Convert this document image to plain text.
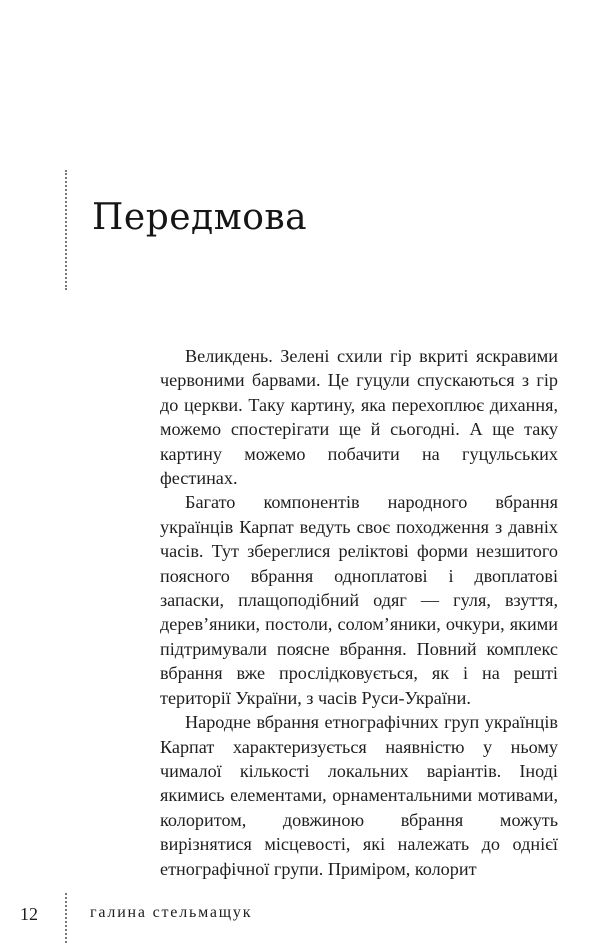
Передмова

Великдень. Зелені схили гір вкриті яскравими червоними барвами. Це гуцули спускаються з гір до церкви. Таку картину, яка перехоплює дихання, можемо спостерігати ще й сьогодні. А ще таку картину можемо побачити на гуцульських фестинах.

Багато компонентів народного вбрання українців Карпат ведуть своє походження з давніх часів. Тут збереглися реліктові форми незшитого поясного вбрання одноплатові і двоплатові запаски, плащоподібний одяг — гуля, взуття, дерев’яники, постоли, солом’яники, очкури, якими підтримували поясне вбрання. Повний комплекс вбрання вже прослідковується, як і на решті території України, з часів Руси-України.

Народне вбрання етнографічних груп українців Карпат характеризується наявністю у ньому чималої кількості локальних варіантів. Іноді якимись елементами, орнаментальними мотивами, колоритом, довжиною вбрання можуть вирізнятися місцевості, які належать до однієї етнографічної групи. Примiром, колорит

12	галина стельмащук
